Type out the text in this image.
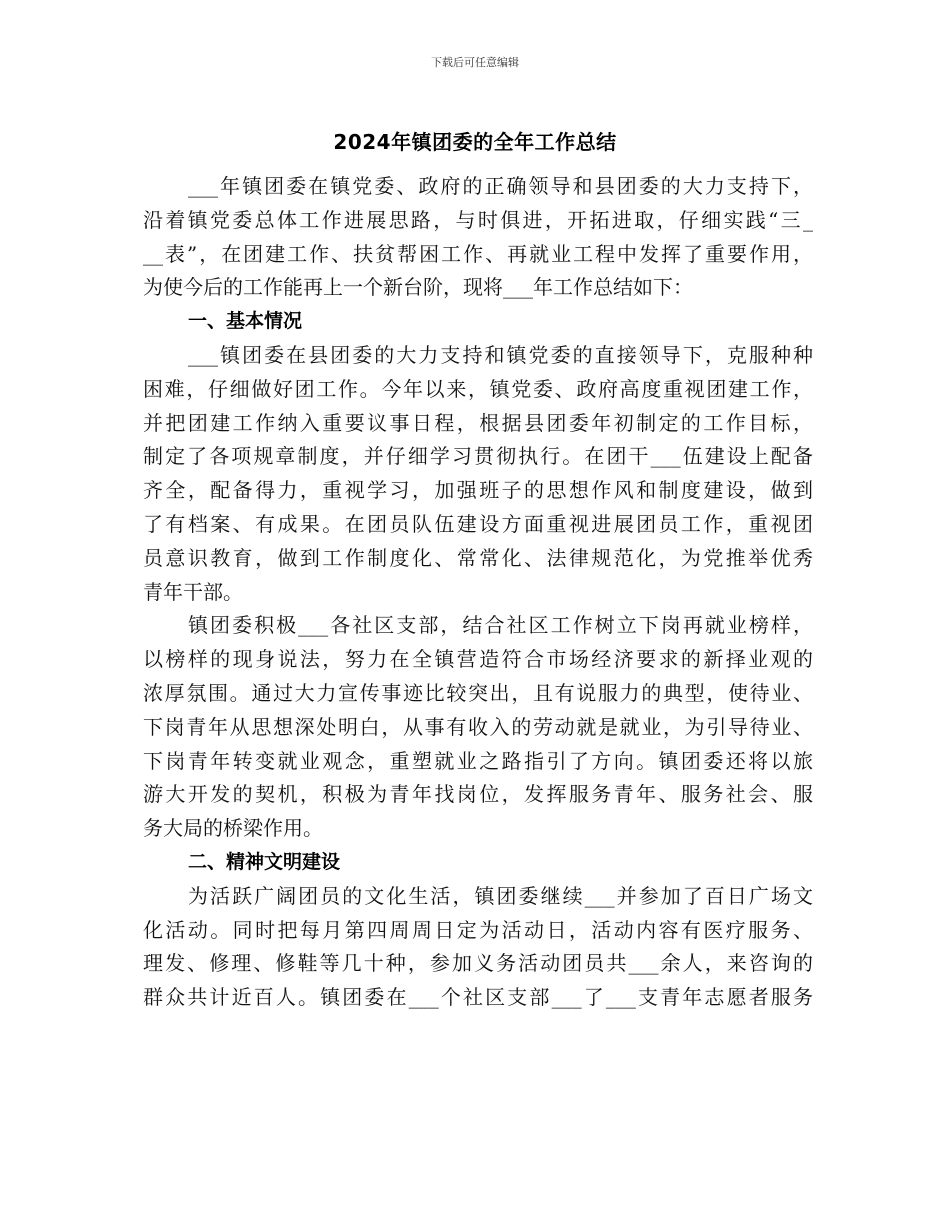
下载后可任意编辑
2024年镇团委的全年工作总结
___年镇团委在镇党委、政府的正确领导和县团委的大力支持下，
沿着镇党委总体工作进展思路，与时俱进，开拓进取，仔细实践“三_
__表”，在团建工作、扶贫帮困工作、再就业工程中发挥了重要作用，
为使今后的工作能再上一个新台阶，现将___年工作总结如下：
一、基本情况
___镇团委在县团委的大力支持和镇党委的直接领导下，克服种种
困难，仔细做好团工作。今年以来，镇党委、政府高度重视团建工作，
并把团建工作纳入重要议事日程，根据县团委年初制定的工作目标，
制定了各项规章制度，并仔细学习贯彻执行。在团干___伍建设上配备
齐全，配备得力，重视学习，加强班子的思想作风和制度建设，做到
了有档案、有成果。在团员队伍建设方面重视进展团员工作，重视团
员意识教育，做到工作制度化、常常化、法律规范化，为党推举优秀
青年干部。
镇团委积极___各社区支部，结合社区工作树立下岗再就业榜样，
以榜样的现身说法，努力在全镇营造符合市场经济要求的新择业观的
浓厚氛围。通过大力宣传事迹比较突出，且有说服力的典型，使待业、
下岗青年从思想深处明白，从事有收入的劳动就是就业，为引导待业、
下岗青年转变就业观念，重塑就业之路指引了方向。镇团委还将以旅
游大开发的契机，积极为青年找岗位，发挥服务青年、服务社会、服
务大局的桥梁作用。
二、精神文明建设
为活跃广阔团员的文化生活，镇团委继续___并参加了百日广场文
化活动。同时把每月第四周周日定为活动日，活动内容有医疗服务、
理发、修理、修鞋等几十种，参加义务活动团员共___余人，来咨询的
群众共计近百人。镇团委在___个社区支部___了___支青年志愿者服务
